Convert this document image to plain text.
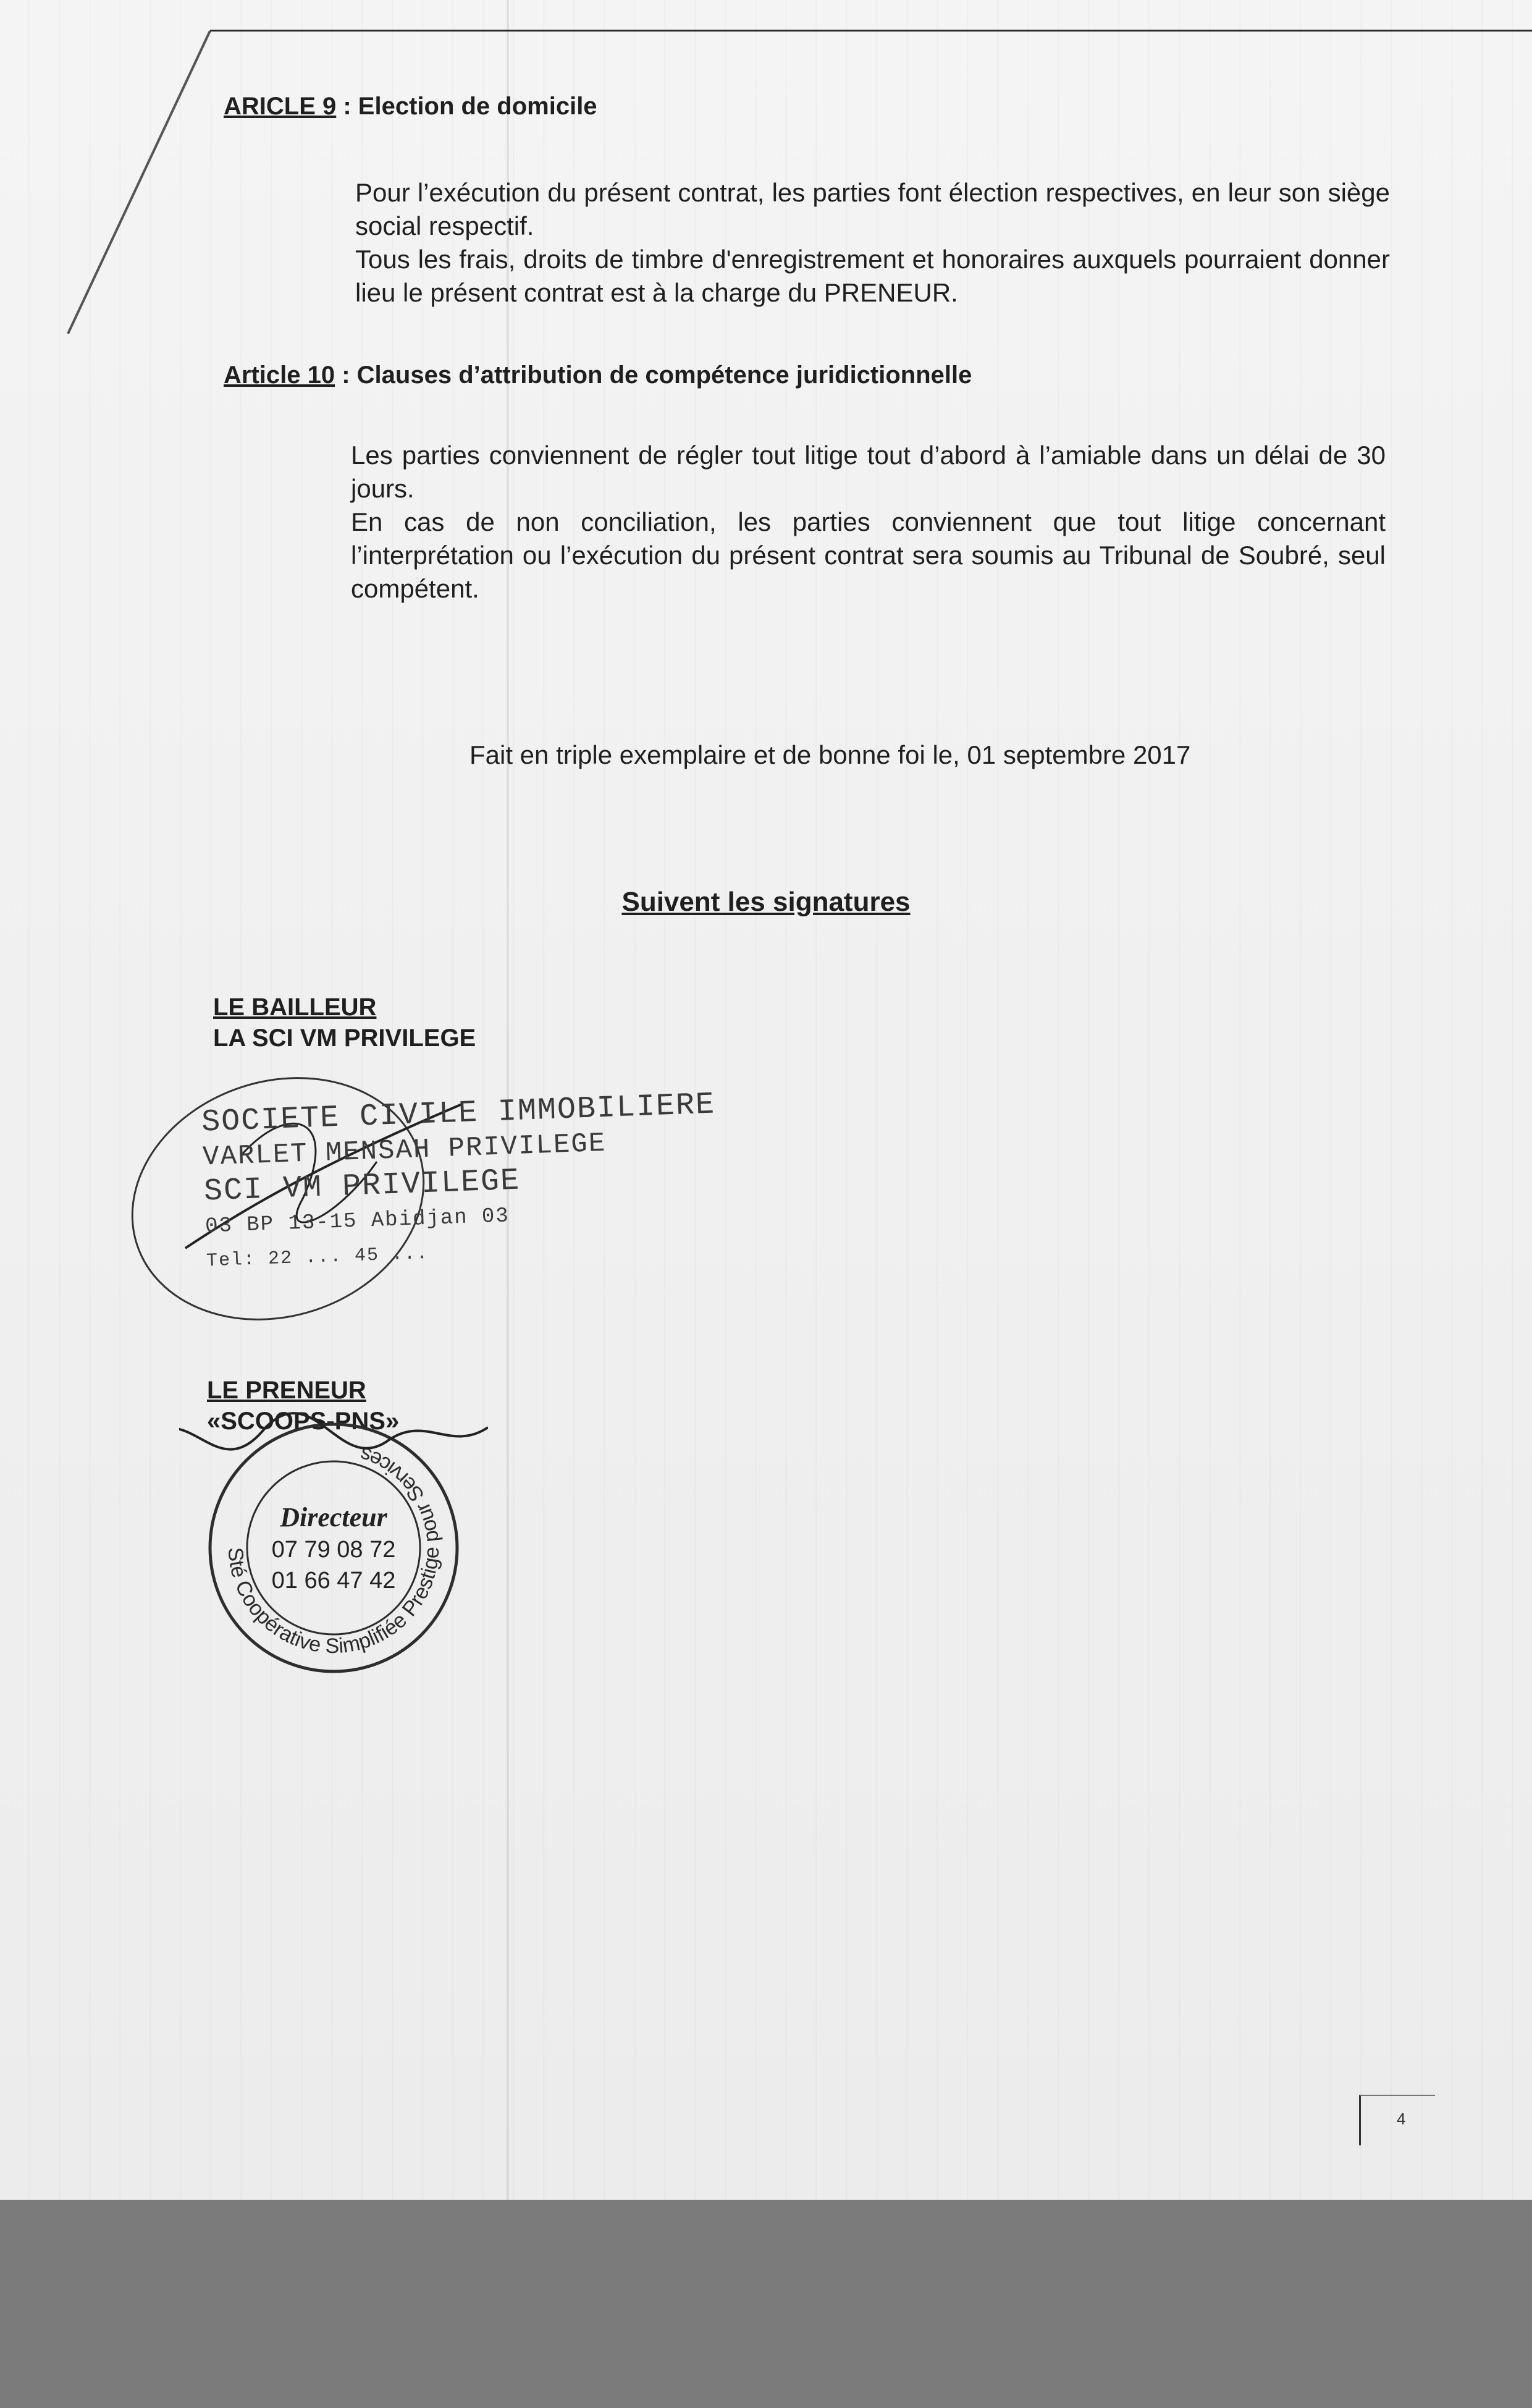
ARICLE 9 : Election de domicile

Pour l’exécution du présent contrat, les parties font élection respectives, en leur son siège social respectif.

Tous les frais, droits de timbre d'enregistrement et honoraires auxquels pourraient donner lieu le présent contrat est à la charge du PRENEUR.

Article 10 : Clauses d’attribution de compétence juridictionnelle

Les parties conviennent de régler tout litige tout d’abord à l’amiable dans un délai de 30 jours.

En cas de non conciliation, les parties conviennent que tout litige concernant l’interprétation ou l’exécution du présent contrat sera soumis au Tribunal de Soubré, seul compétent.

Fait en triple exemplaire et de bonne foi le, 01 septembre 2017
Suivent les signatures
LE BAILLEUR
LA SCI VM PRIVILEGE
SOCIETE CIVILE IMMOBILIERE
VARLET MENSAH PRIVILEGE
SCI VM PRIVILEGE
03 BP 13-15 Abidjan 03
Tel: 22 ... 45 ...
LE PRENEUR
«SCOOPS-PNS»
Sté Coopérative Simplifiée Prestige pour Services
Directeur
07 79 08 72
01 66 47 42
4
